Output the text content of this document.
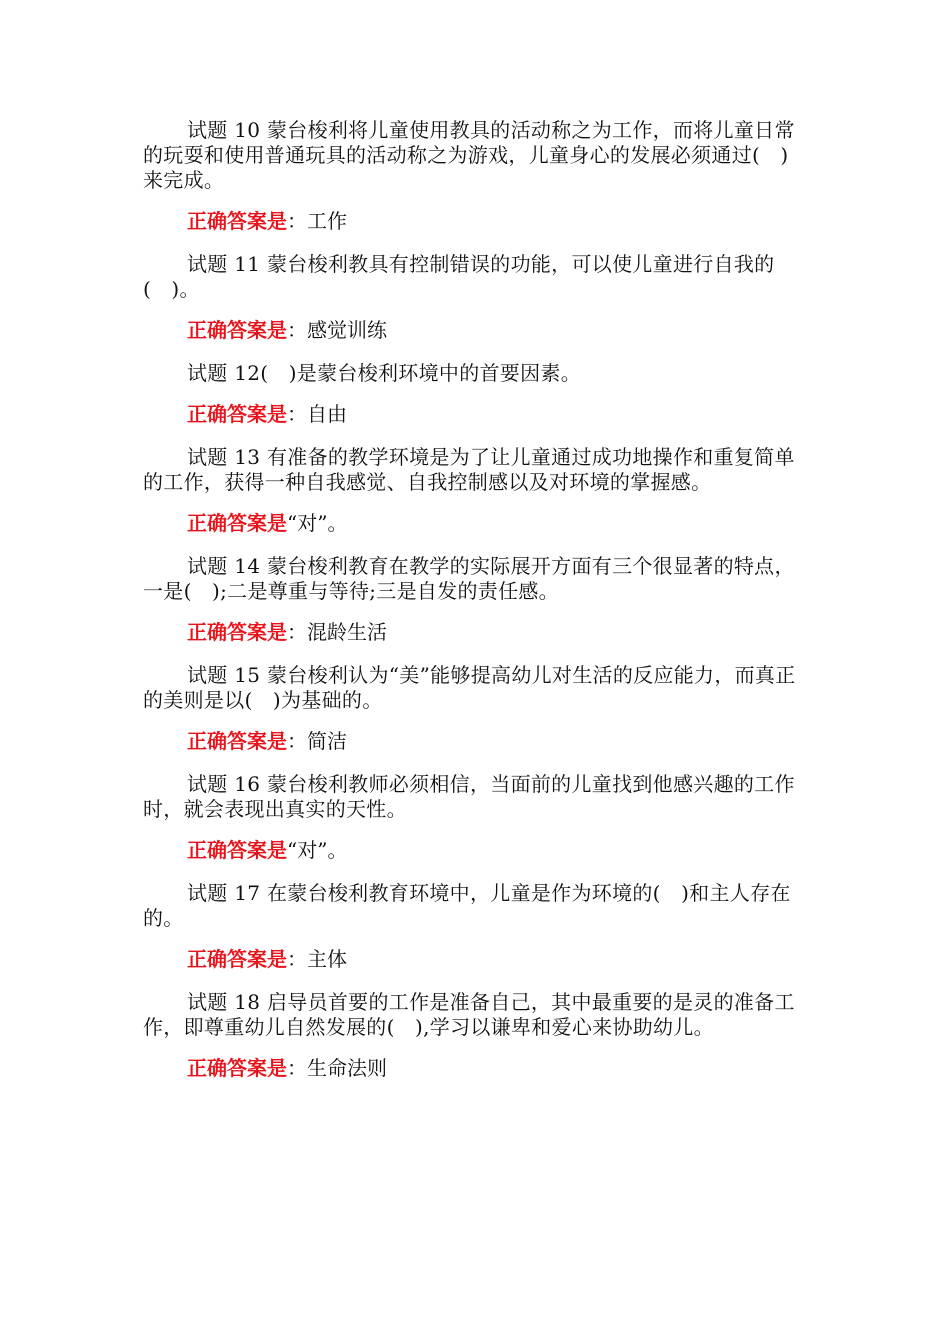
试题 10 蒙台梭利将儿童使用教具的活动称之为工作，而将儿童日常的玩耍和使用普通玩具的活动称之为游戏，儿童身心的发展必须通过(　)来完成。

正确答案是：工作

试题 11 蒙台梭利教具有控制错误的功能，可以使儿童进行自我的(　)。

正确答案是：感觉训练

试题 12(　)是蒙台梭利环境中的首要因素。

正确答案是：自由

试题 13 有准备的教学环境是为了让儿童通过成功地操作和重复简单的工作，获得一种自我感觉、自我控制感以及对环境的掌握感。

正确答案是“对”。

试题 14 蒙台梭利教育在教学的实际展开方面有三个很显著的特点，一是(　);二是尊重与等待;三是自发的责任感。

正确答案是：混龄生活

试题 15 蒙台梭利认为“美”能够提高幼儿对生活的反应能力，而真正的美则是以(　)为基础的。

正确答案是：简洁

试题 16 蒙台梭利教师必须相信，当面前的儿童找到他感兴趣的工作时，就会表现出真实的天性。

正确答案是“对”。

试题 17 在蒙台梭利教育环境中，儿童是作为环境的(　)和主人存在的。

正确答案是：主体

试题 18 启导员首要的工作是准备自己，其中最重要的是灵的准备工作，即尊重幼儿自然发展的(　),学习以谦卑和爱心来协助幼儿。

正确答案是：生命法则
